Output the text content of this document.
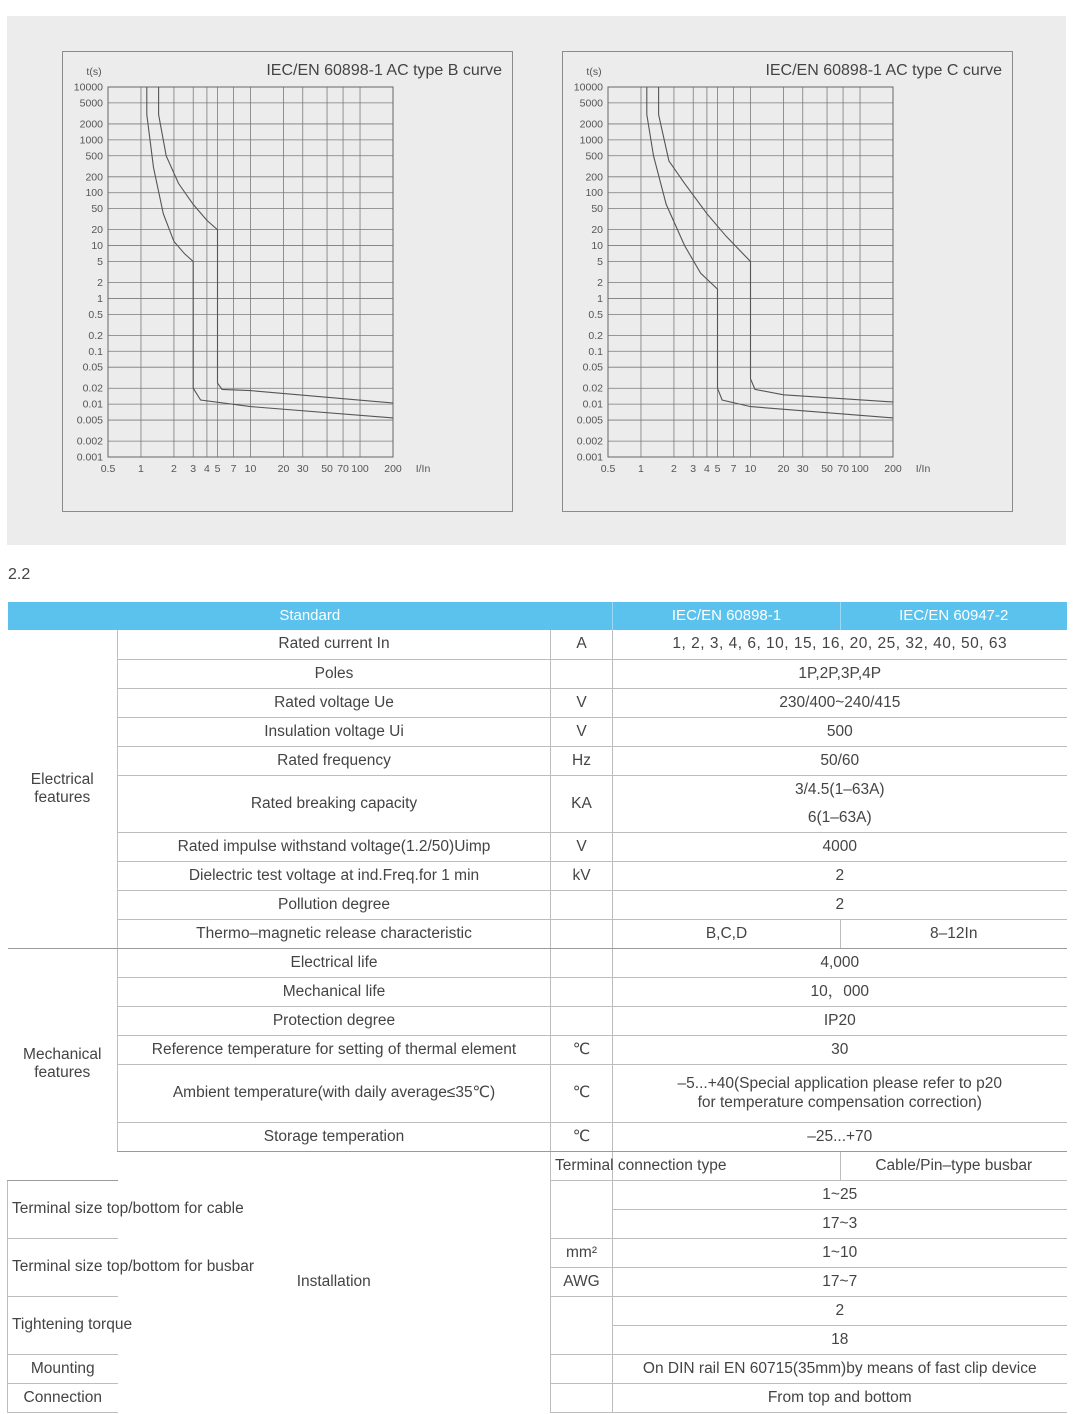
0.5 1	2 3 4 5 7 10 20 30 50 70 100 200
10000
5000
2000
1000
500
200
100
50
20
10
5
2
1
0.5
0.2
0.1
0.05
0.02
0.01
0.005
0.002
0.001
t(s)
I/In
IEC/EN 60898-1 AC type B curve
0.5 1	2 3 4 5 7 10 20 30 50 70 100 200
10000
5000
2000
1000
500
200
100
50
20
10
5
2
1
0.5
0.2
0.1
0.05
0.02
0.01
0.005
0.002
0.001
t(s)
I/In
IEC/EN 60898-1 AC type C curve
2.2
Standard			IEC/EN 60898-1	IEC/EN 60947-2
Electrical features	Rated current In	A	1, 2, 3, 4, 6, 10, 15, 16, 20, 25, 32, 40, 50, 63	
	Poles		1P,2P,3P,4P	
	Rated voltage Ue	V	230/400~240/415	
	Insulation voltage Ui	V	500	
	Rated frequency	Hz	50/60	
	Rated breaking capacity	KA	3/4.5(1–63A)
6(1–63A)	

	Rated impulse withstand voltage(1.2/50)Uimp	V	4000	
	Dielectric test voltage at ind.Freq.for 1 min	kV	2	
	Pollution degree		2	
	Thermo–magnetic release characteristic		B,C,D	8–12In
Mechanical features	Electrical life		4,000	
	Mechanical life		10，000	
	Protection degree		IP20	
	Reference temperature for setting of thermal element	℃	30	
	Ambient temperature(with daily average≤35℃)	℃	–5...+40(Special application please refer to p20
for temperature compensation correction)	

	Storage temperation	℃	–25...+70	
	Installation	Terminal connection type		Cable/Pin–type busbar
Terminal size top/bottom for cable			1~25	
			17~3	
Terminal size top/bottom for busbar		mm²	1~10	
		AWG	17~7	
Tightening torque			2	
			18	
Mounting			On DIN rail EN 60715(35mm)by means of fast clip device	
Connection			From top and bottom	
